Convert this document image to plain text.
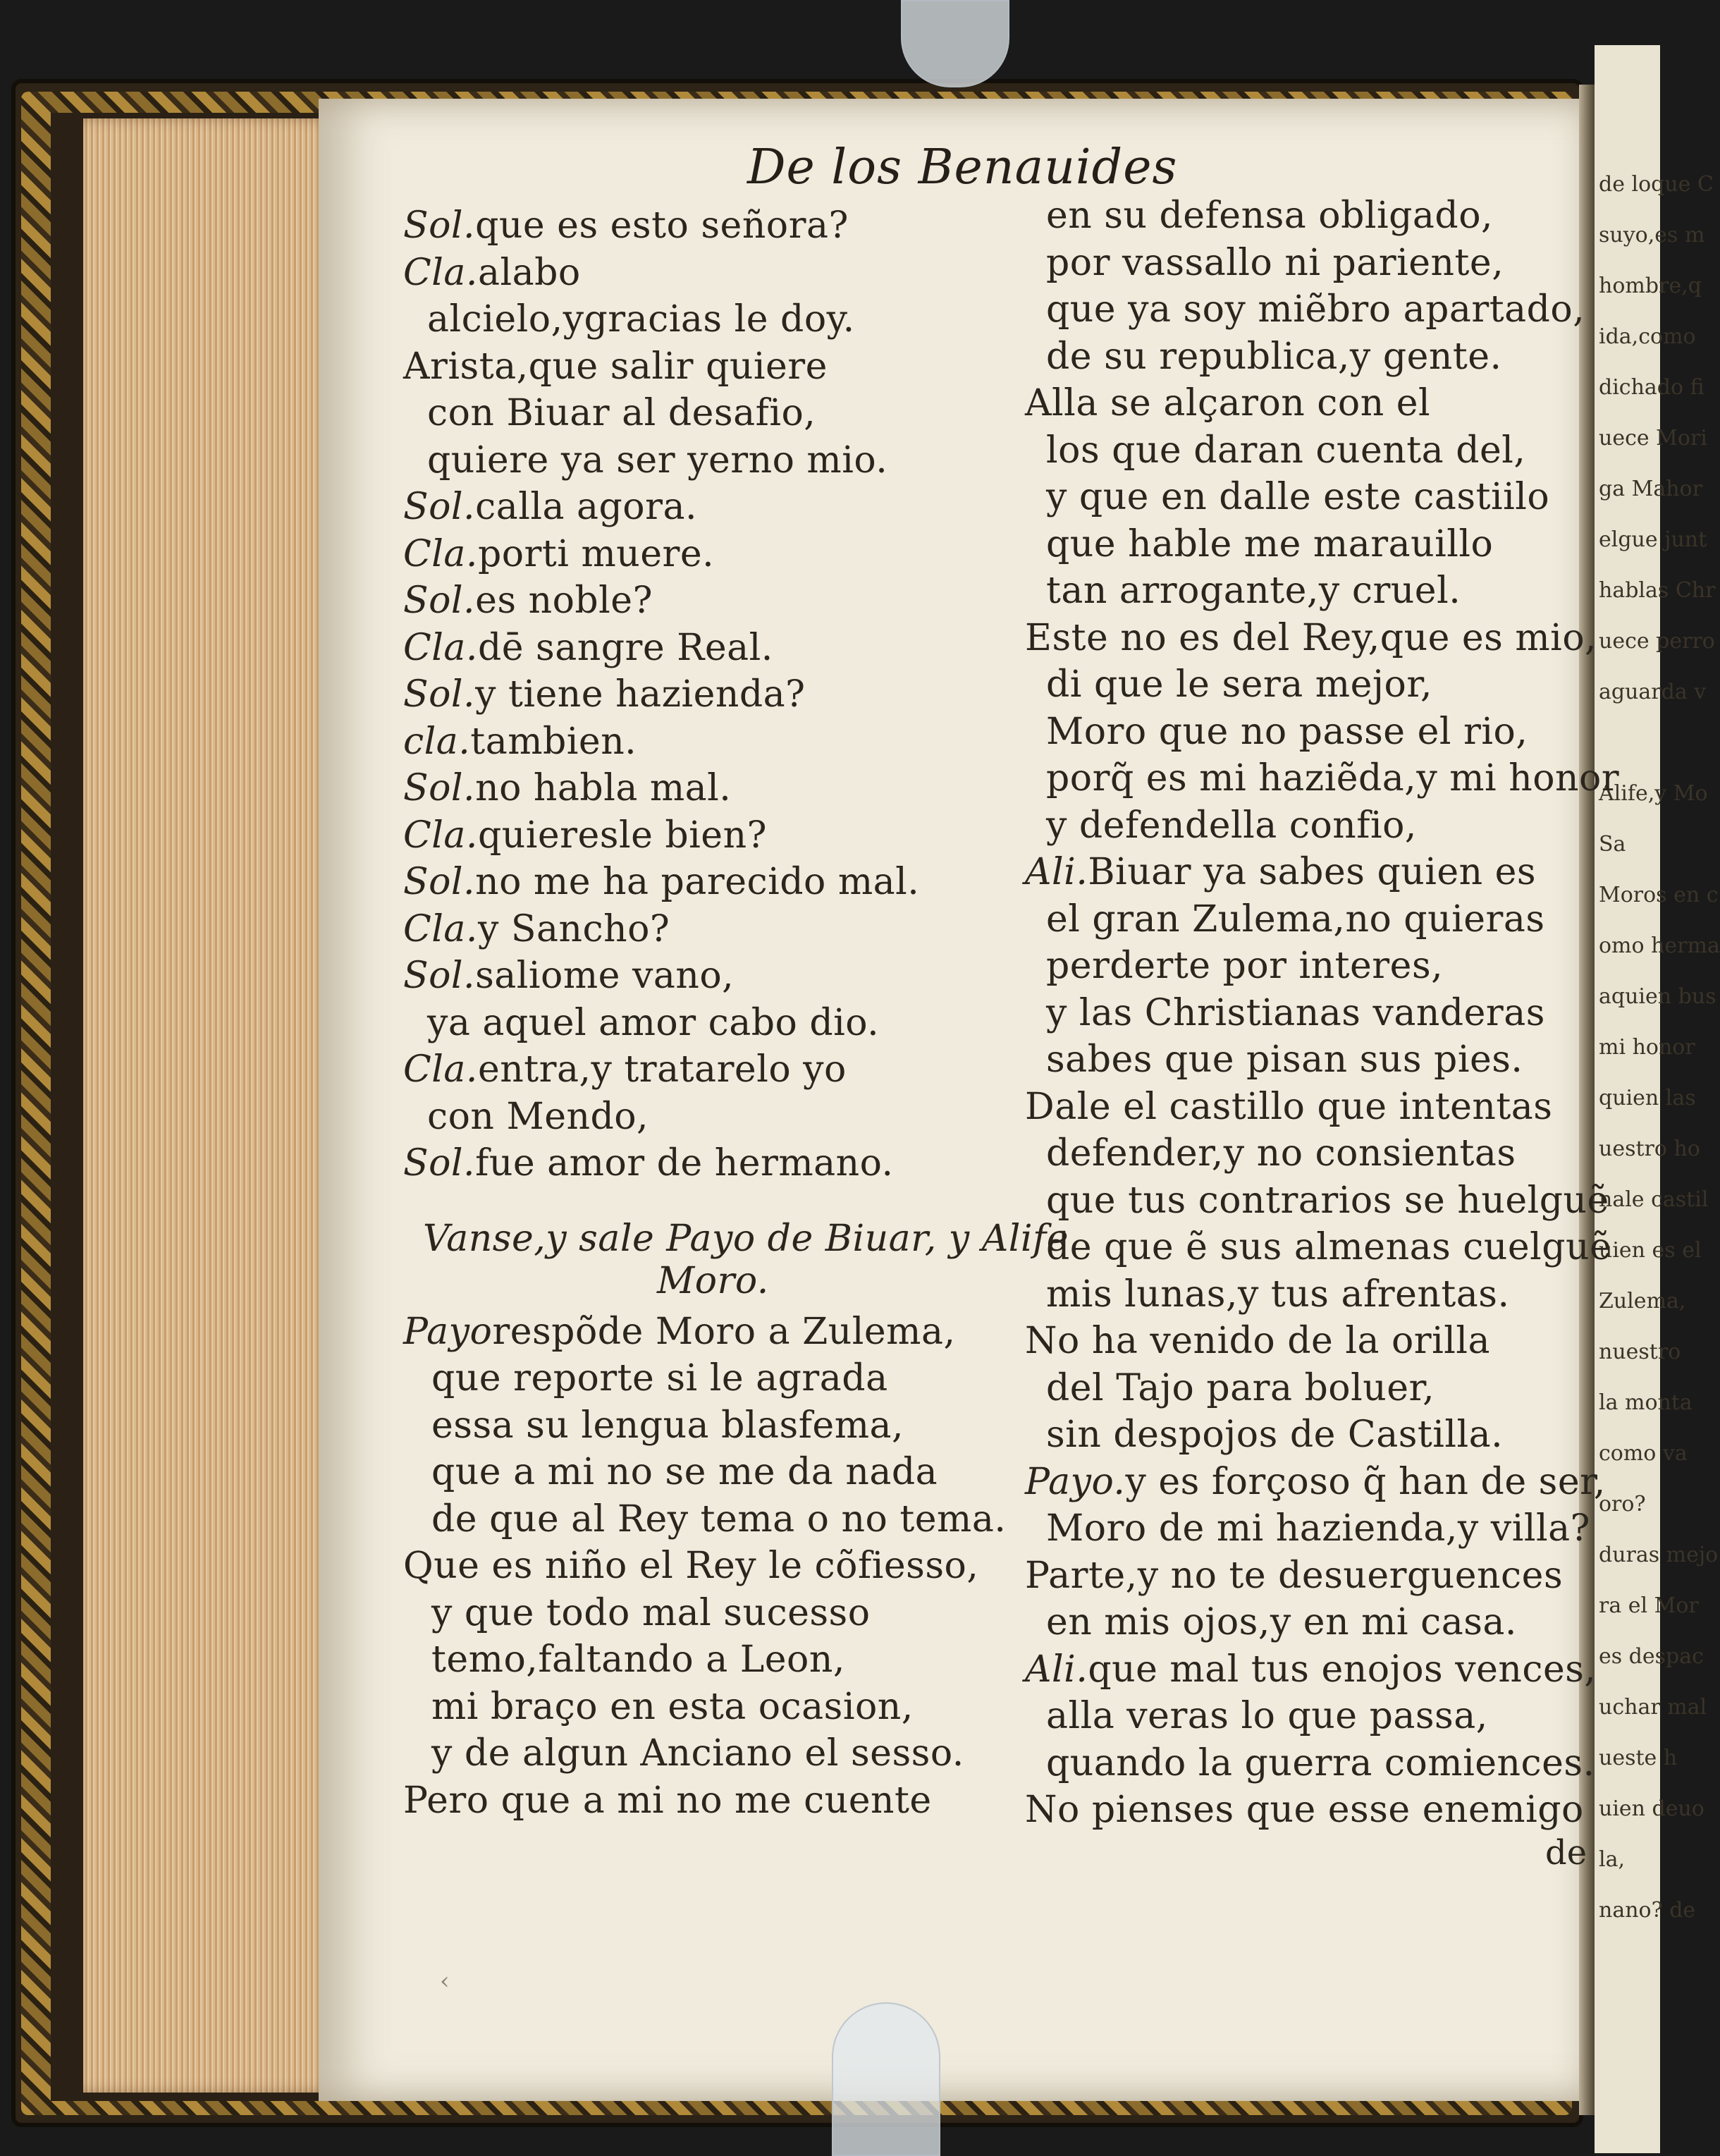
de loque C
suyo,es m
hombre,q
ida,como
dichado fi
uece Mori
ga Mahor
elgue junt
hablas Chr
uece perro
aguarda v
Alife,y Mo
Sa
Moros en c
omo herma
aquien bus
mi honor
quien las
uestro ho
nale castil
uien es el
Zulema,
nuestro
la monta
como va
oro?
duras mejo
ra el Mor
es despac
uchar mal
ueste h
uien deuo
la,
nano? de
De los Benauides
Sol.que es esto señora?
Cla.alabo
alcielo,ygracias le doy.
Arista,que salir quiere
con Biuar al desafio,
quiere ya ser yerno mio.
Sol.calla agora.
Cla.porti muere.
Sol.es noble?
Cla.dē sangre Real.
Sol.y tiene hazienda?
cla.tambien.
Sol.no habla mal.
Cla.quieresle bien?
Sol.no me ha parecido mal.
Cla.y Sancho?
Sol.saliome vano,
ya aquel amor cabo dio.
Cla.entra,y tratarelo yo
con Mendo,
Sol.fue amor de hermano.
Vanse,y sale Payo de Biuar, y Alife
Moro.
Payorespõde Moro a Zulema,
que reporte si le agrada
essa su lengua blasfema,
que a mi no se me da nada
de que al Rey tema o no tema.
Que es niño el Rey le cõfiesso,
y que todo mal sucesso
temo,faltando a Leon,
mi braço en esta ocasion,
y de algun Anciano el sesso.
Pero que a mi no me cuente
en su defensa obligado,
por vassallo ni pariente,
que ya soy miẽbro apartado,
de su republica,y gente.
Alla se alçaron con el
los que daran cuenta del,
y que en dalle este castiilo
que hable me marauillo
tan arrogante,y cruel.
Este no es del Rey,que es mio,
di que le sera mejor,
Moro que no passe el rio,
porq̃ es mi haziẽda,y mi honor
y defendella confio,
Ali.Biuar ya sabes quien es
el gran Zulema,no quieras
perderte por interes,
y las Christianas vanderas
sabes que pisan sus pies.
Dale el castillo que intentas
defender,y no consientas
que tus contrarios se huelguẽ
de que ẽ sus almenas cuelguẽ
mis lunas,y tus afrentas.
No ha venido de la orilla
del Tajo para boluer,
sin despojos de Castilla.
Payo.y es forçoso q̃ han de ser,
Moro de mi hazienda,y villa?
Parte,y no te desuerguences
en mis ojos,y en mi casa.
Ali.que mal tus enojos vences,
alla veras lo que passa,
quando la guerra comiences.
No pienses que esse enemigo
de
‹
